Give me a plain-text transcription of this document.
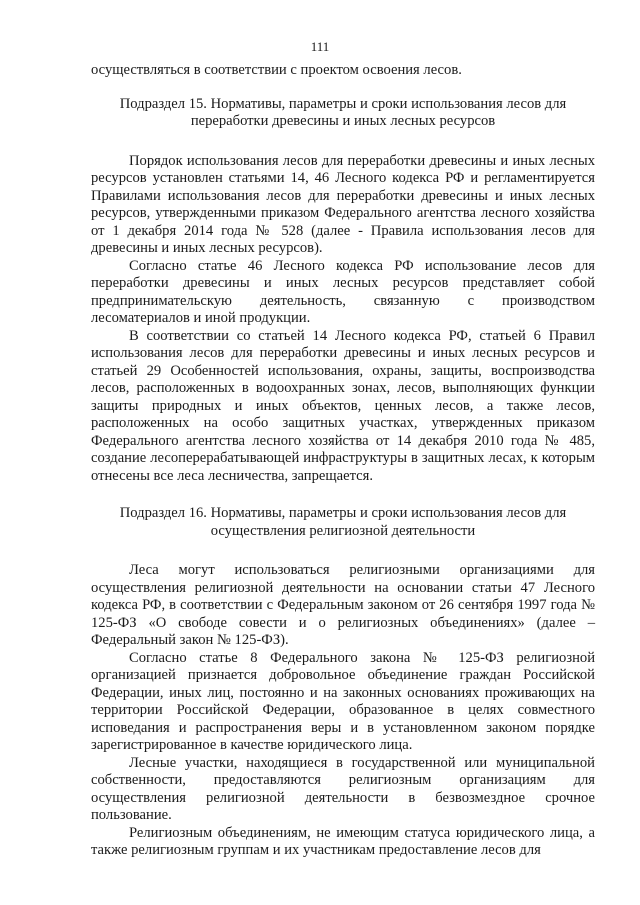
111

осуществляться в соответствии с проектом освоения лесов.

Подраздел 15. Нормативы, параметры и сроки использования лесов для переработки древесины и иных лесных ресурсов

Порядок использования лесов для переработки древесины и иных лесных ресурсов установлен статьями 14, 46 Лесного кодекса РФ и регламентируется Правилами использования лесов для переработки древесины и иных лесных ресурсов, утвержденными приказом Федерального агентства лесного хозяйства от 1 декабря 2014 года № 528 (далее - Правила использования лесов для древесины и иных лесных ресурсов).

Согласно статье 46 Лесного кодекса РФ использование лесов для переработки древесины и иных лесных ресурсов представляет собой предпринимательскую деятельность, связанную с производством лесоматериалов и иной продукции.

В соответствии со статьей 14 Лесного кодекса РФ, статьей 6 Правил использования лесов для переработки древесины и иных лесных ресурсов и статьей 29 Особенностей использования, охраны, защиты, воспроизводства лесов, расположенных в водоохранных зонах, лесов, выполняющих функции защиты природных и иных объектов, ценных лесов, а также лесов, расположенных на особо защитных участках, утвержденных приказом Федерального агентства лесного хозяйства от 14 декабря 2010 года № 485, создание лесоперерабатывающей инфраструктуры в защитных лесах, к которым отнесены все леса лесничества, запрещается.

Подраздел 16. Нормативы, параметры и сроки использования лесов для осуществления религиозной деятельности

Леса могут использоваться религиозными организациями для осуществления религиозной деятельности на основании статьи 47 Лесного кодекса РФ, в соответствии с Федеральным законом от 26 сентября 1997 года № 125-ФЗ «О свободе совести и о религиозных объединениях» (далее – Федеральный закон № 125-ФЗ).

Согласно статье 8 Федерального закона № 125-ФЗ религиозной организацией признается добровольное объединение граждан Российской Федерации, иных лиц, постоянно и на законных основаниях проживающих на территории Российской Федерации, образованное в целях совместного исповедания и распространения веры и в установленном законом порядке зарегистрированное в качестве юридического лица.

Лесные участки, находящиеся в государственной или муниципальной собственности, предоставляются религиозным организациям для осуществления религиозной деятельности в безвозмездное срочное пользование.

Религиозным объединениям, не имеющим статуса юридического лица, а также религиозным группам и их участникам предоставление лесов для
